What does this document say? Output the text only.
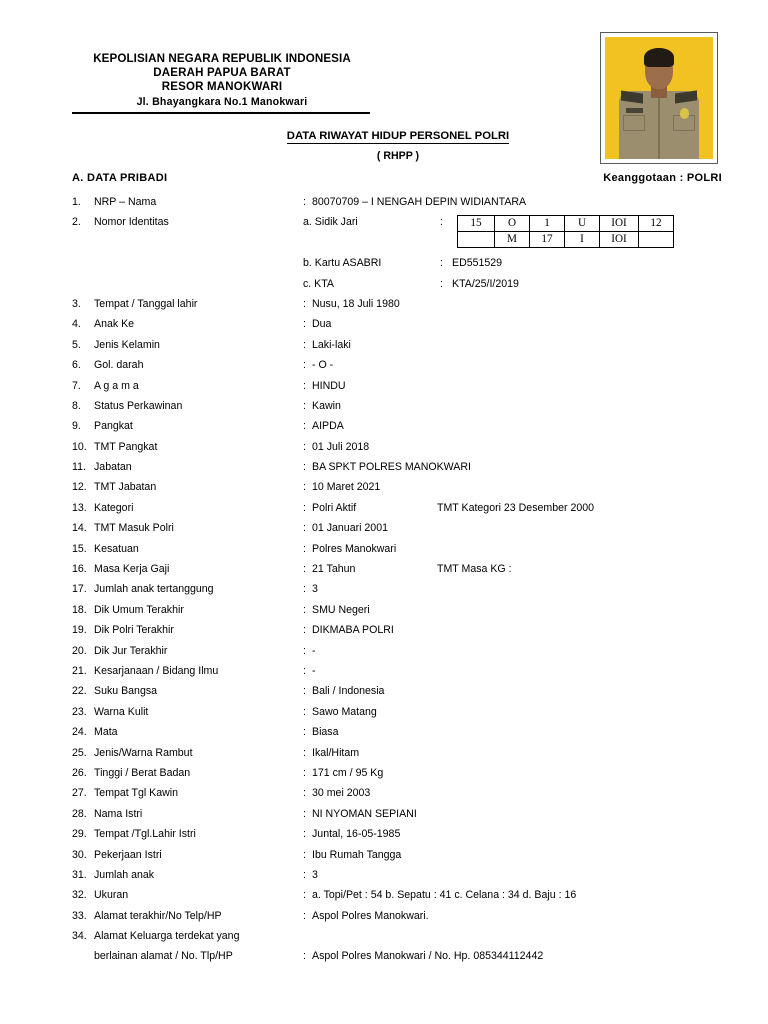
KEPOLISIAN NEGARA REPUBLIK INDONESIA
DAERAH PAPUA BARAT
RESOR MANOKWARI
Jl. Bhayangkara No.1 Manokwari
DATA RIWAYAT HIDUP PERSONEL POLRI
( RHPP )
A. DATA PRIBADI	Keanggotaan : POLRI
1.	NRP – Nama	: 80070709 – I NENGAH DEPIN WIDIANTARA
2.	Nomor Identitas	a. Sidik Jari	: 15	O	1	U	IOI	12
	M	17	I	IOI	
b. Kartu ASABRI	: ED551529
c. KTA	: KTA/25/I/2019
3.	Tempat / Tanggal lahir	: Nusu, 18 Juli 1980
4.	Anak Ke	: Dua
5.	Jenis Kelamin	: Laki-laki
6.	Gol. darah	: - O -
7.	A g a m a	: HINDU
8.	Status Perkawinan	: Kawin
9.	Pangkat	: AIPDA
10. TMT Pangkat	: 01 Juli 2018
11. Jabatan	: BA SPKT POLRES MANOKWARI
12. TMT Jabatan	: 10 Maret 2021
13. Kategori	: Polri Aktif	TMT Kategori 23 Desember 2000
14. TMT Masuk Polri	: 01 Januari 2001
15. Kesatuan	: Polres Manokwari
16. Masa Kerja Gaji	: 21 Tahun	TMT Masa KG :
17. Jumlah anak tertanggung	: 3
18. Dik Umum Terakhir	: SMU Negeri
19. Dik Polri Terakhir	: DIKMABA POLRI
20. Dik Jur Terakhir	: -
21. Kesarjanaan / Bidang Ilmu	: -
22. Suku Bangsa	: Bali / Indonesia
23. Warna Kulit	: Sawo Matang
24. Mata	: Biasa
25. Jenis/Warna Rambut	: Ikal/Hitam
26. Tinggi / Berat Badan	: 171 cm / 95 Kg
27. Tempat Tgl Kawin	: 30 mei 2003
28. Nama Istri	: NI NYOMAN SEPIANI
29. Tempat /Tgl.Lahir Istri	: Juntal, 16-05-1985
30. Pekerjaan Istri	: Ibu Rumah Tangga
31. Jumlah anak	: 3
32. Ukuran	: a. Topi/Pet : 54 b. Sepatu : 41 c. Celana : 34 d. Baju : 16
33. Alamat terakhir/No Telp/HP	: Aspol Polres Manokwari.
34. Alamat Keluarga terdekat yang
berlainan alamat / No. Tlp/HP	: Aspol Polres Manokwari / No. Hp. 085344112442
